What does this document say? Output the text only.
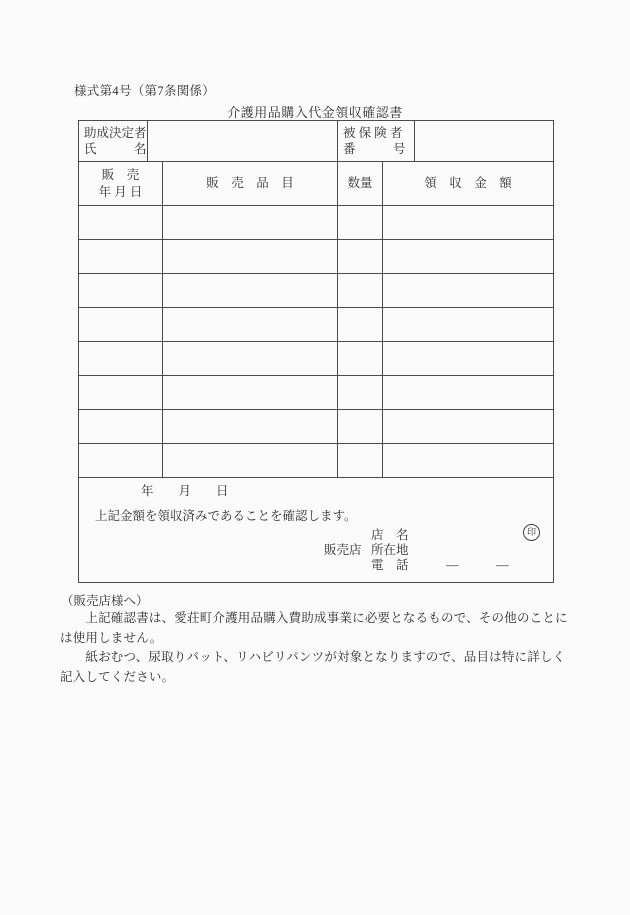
様式第4号（第7条関係）
介護用品購入代金領収確認書
助成決定者
氏　　　名
被 保 険 者
番　　　号
販　売
年 月 日
販　売　品　目	数量	領　収　金　額
年　　月　　日
上記金額を領収済みであることを確認します。
店　名
販売店 所在地
電　話　　　―　　　―
印
（販売店様へ）
　　上記確認書は、愛荘町介護用品購入費助成事業に必要となるもので、その他のことに
は使用しません。
　　紙おむつ、尿取りパット、リハビリパンツが対象となりますので、品目は特に詳しく
記入してください。
